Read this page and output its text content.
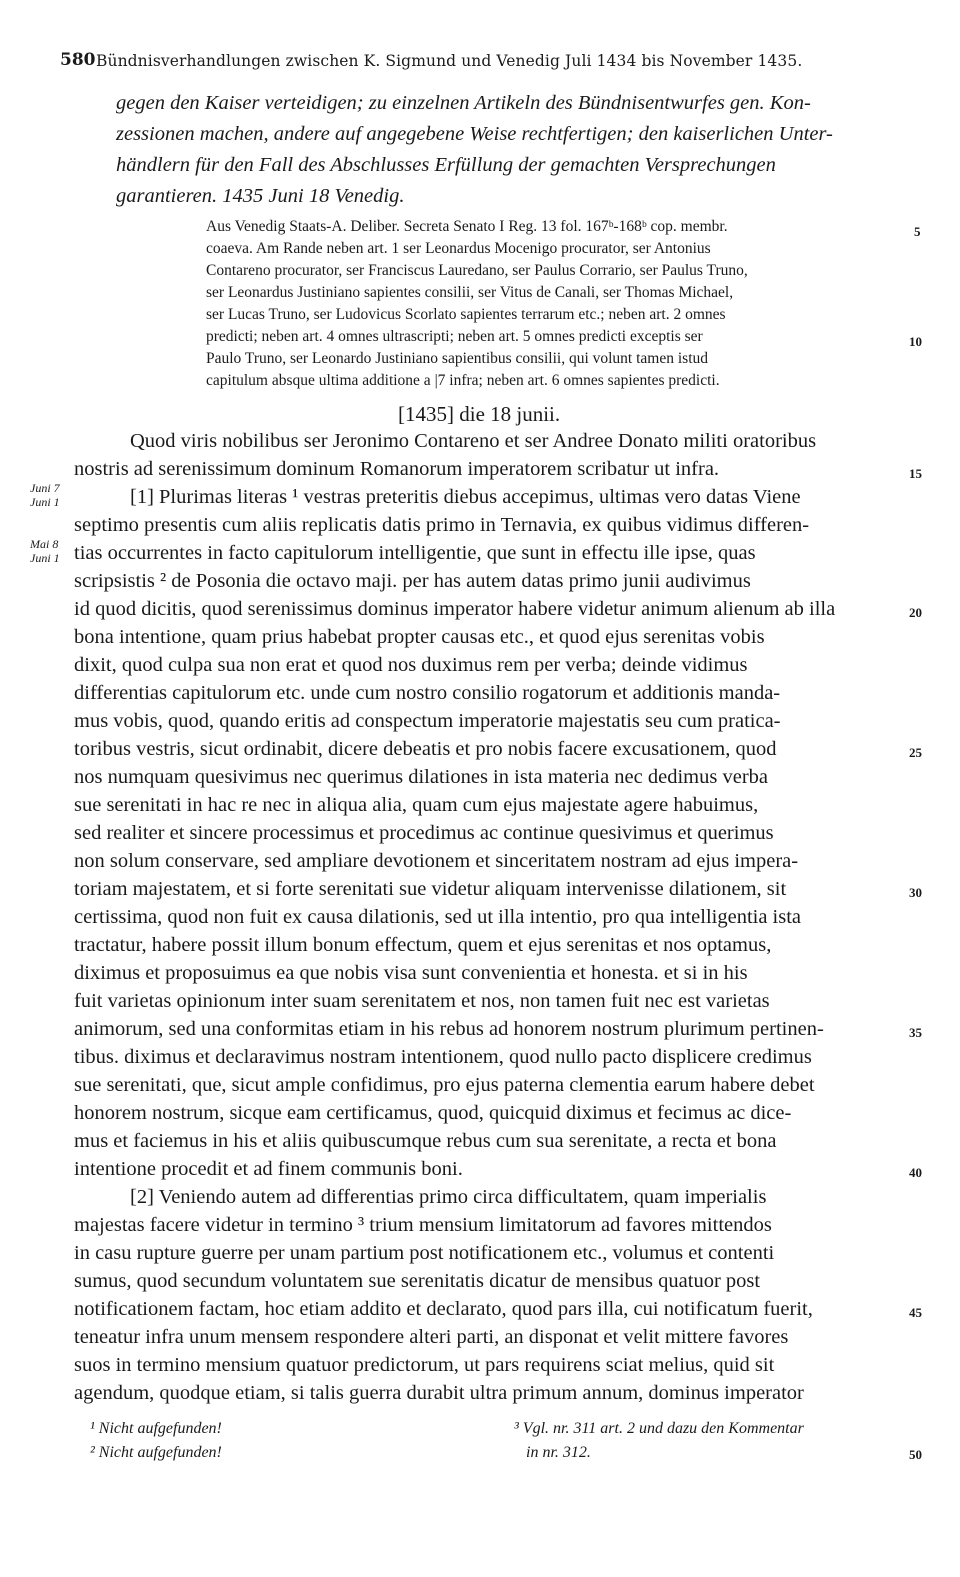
580 Bündnisverhandlungen zwischen K. Sigmund und Venedig Juli 1434 bis November 1435.
gegen den Kaiser verteidigen; zu einzelnen Artikeln des Bündnisentwurfes gen. Kon-
zessionen machen, andere auf angegebene Weise rechtfertigen; den kaiserlichen Unter-
händlern für den Fall des Abschlusses Erfüllung der gemachten Versprechungen
garantieren. 1435 Juni 18 Venedig.
Aus Venedig Staats-A. Deliber. Secreta Senato I Reg. 13 fol. 167ᵇ-168ᵇ cop. membr.
coaeva. Am Rande neben art. 1 ser Leonardus Mocenigo procurator, ser Antonius
Contareno procurator, ser Franciscus Lauredano, ser Paulus Corrario, ser Paulus Truno,
ser Leonardus Justiniano sapientes consilii, ser Vitus de Canali, ser Thomas Michael,
ser Lucas Truno, ser Ludovicus Scorlato sapientes terrarum etc.; neben art. 2 omnes
predicti; neben art. 4 omnes ultrascripti; neben art. 5 omnes predicti exceptis ser
Paulo Truno, ser Leonardo Justiniano sapientibus consilii, qui volunt tamen istud
capitulum absque ultima additione a |7 infra; neben art. 6 omnes sapientes predicti.
[1435] die 18 junii.
Quod viris nobilibus ser Jeronimo Contareno et ser Andree Donato militi oratoribus
nostris ad serenissimum dominum Romanorum imperatorem scribatur ut infra.
[1] Plurimas literas ¹ vestras preteritis diebus accepimus, ultimas vero datas Viene
septimo presentis cum aliis replicatis datis primo in Ternavia, ex quibus vidimus differen-
tias occurrentes in facto capitulorum intelligentie, que sunt in effectu ille ipse, quas
scripsistis ² de Posonia die octavo maji. per has autem datas primo junii audivimus
id quod dicitis, quod serenissimus dominus imperator habere videtur animum alienum ab illa
bona intentione, quam prius habebat propter causas etc., et quod ejus serenitas vobis
dixit, quod culpa sua non erat et quod nos duximus rem per verba; deinde vidimus
differentias capitulorum etc. unde cum nostro consilio rogatorum et additionis manda-
mus vobis, quod, quando eritis ad conspectum imperatorie majestatis seu cum pratica-
toribus vestris, sicut ordinabit, dicere debeatis et pro nobis facere excusationem, quod
nos numquam quesivimus nec querimus dilationes in ista materia nec dedimus verba
sue serenitati in hac re nec in aliqua alia, quam cum ejus majestate agere habuimus,
sed realiter et sincere processimus et procedimus ac continue quesivimus et querimus
non solum conservare, sed ampliare devotionem et sinceritatem nostram ad ejus impera-
toriam majestatem, et si forte serenitati sue videtur aliquam intervenisse dilationem, sit
certissima, quod non fuit ex causa dilationis, sed ut illa intentio, pro qua intelligentia ista
tractatur, habere possit illum bonum effectum, quem et ejus serenitas et nos optamus,
diximus et proposuimus ea que nobis visa sunt convenientia et honesta. et si in his
fuit varietas opinionum inter suam serenitatem et nos, non tamen fuit nec est varietas
animorum, sed una conformitas etiam in his rebus ad honorem nostrum plurimum pertinen-
tibus. diximus et declaravimus nostram intentionem, quod nullo pacto displicere credimus
sue serenitati, que, sicut ample confidimus, pro ejus paterna clementia earum habere debet
honorem nostrum, sicque eam certificamus, quod, quicquid diximus et fecimus ac dice-
mus et faciemus in his et aliis quibuscumque rebus cum sua serenitate, a recta et bona
intentione procedit et ad finem communis boni.
[2] Veniendo autem ad differentias primo circa difficultatem, quam imperialis
majestas facere videtur in termino ³ trium mensium limitatorum ad favores mittendos
in casu rupture guerre per unam partium post notificationem etc., volumus et contenti
sumus, quod secundum voluntatem sue serenitatis dicatur de mensibus quatuor post
notificationem factam, hoc etiam addito et declarato, quod pars illa, cui notificatum fuerit,
teneatur infra unum mensem respondere alteri parti, an disponat et velit mittere favores
suos in termino mensium quatuor predictorum, ut pars requirens sciat melius, quid sit
agendum, quodque etiam, si talis guerra durabit ultra primum annum, dominus imperator
Juni 7
Juni 1
Mai 8
Juni 1
5
10
15
20
25
30
35
40
45
50
¹ Nicht aufgefunden!
² Nicht aufgefunden!
³ Vgl. nr. 311 art. 2 und dazu den Kommentar
in nr. 312.
